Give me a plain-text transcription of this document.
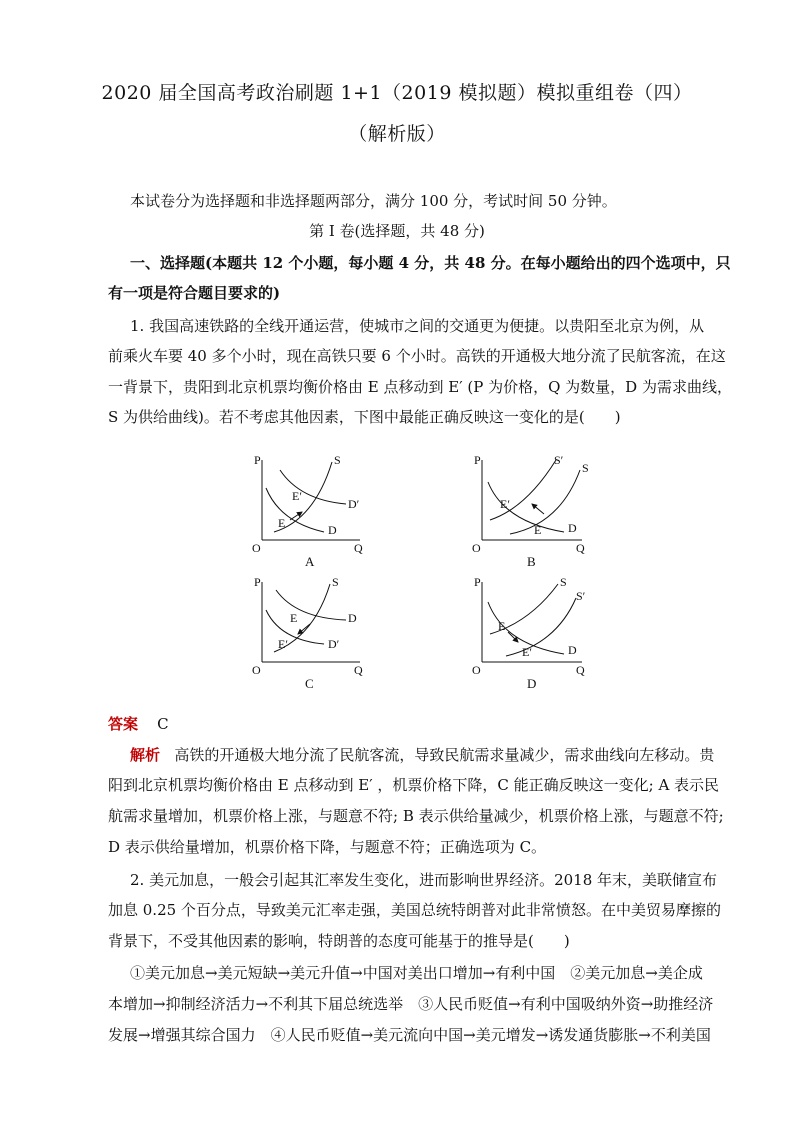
2020 届全国高考政治刷题 1+1（2019 模拟题）模拟重组卷（四）
（解析版）
本试卷分为选择题和非选择题两部分，满分 100 分，考试时间 50 分钟。
第 I 卷(选择题，共 48 分)
一、选择题(本题共 12 个小题，每小题 4 分，共 48 分。在每小题给出的四个选项中，只
有一项是符合题目要求的)
1. 我国高速铁路的全线开通运营，使城市之间的交通更为便捷。以贵阳至北京为例，从
前乘火车要 40 多个小时，现在高铁只要 6 个小时。高铁的开通极大地分流了民航客流，在这
一背景下，贵阳到北京机票均衡价格由 E 点移动到 E′ (P 为价格，Q 为数量，D 为需求曲线，
S 为供给曲线)。若不考虑其他因素，下图中最能正确反映这一变化的是(　　)
P
Q
O
S
D
D′
E
E′
A
P
Q
O
S′
S
D
E′
E
B
P
Q
O
S
D
D′
E
E′
C
P
Q
O
S
S′
D
E
E′
D
答案 C
解析 高铁的开通极大地分流了民航客流，导致民航需求量减少，需求曲线向左移动。贵
阳到北京机票均衡价格由 E 点移动到 E′ ，机票价格下降，C 能正确反映这一变化; A 表示民
航需求量增加，机票价格上涨，与题意不符; B 表示供给量减少，机票价格上涨，与题意不符;
D 表示供给量增加，机票价格下降，与题意不符；正确选项为 C。
2. 美元加息，一般会引起其汇率发生变化，进而影响世界经济。2018 年末，美联储宣布
加息 0.25 个百分点，导致美元汇率走强，美国总统特朗普对此非常愤怒。在中美贸易摩擦的
背景下，不受其他因素的影响，特朗普的态度可能基于的推导是(　　)
①美元加息→美元短缺→美元升值→中国对美出口增加→有利中国　②美元加息→美企成
本增加→抑制经济活力→不利其下届总统选举　③人民币贬值→有利中国吸纳外资→助推经济
发展→增强其综合国力　④人民币贬值→美元流向中国→美元增发→诱发通货膨胀→不利美国
